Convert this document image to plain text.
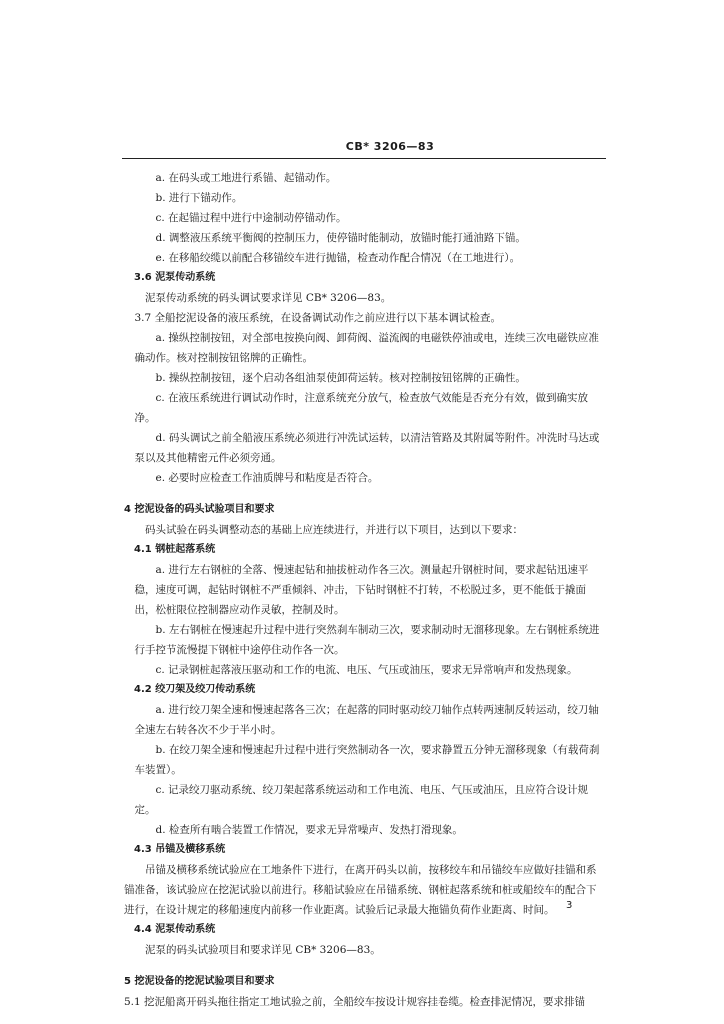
CB* 3206—83

a. 在码头或工地进行系锚、起锚动作。

b. 进行下锚动作。

c. 在起锚过程中进行中途制动停锚动作。

d. 调整液压系统平衡阀的控制压力，使停锚时能制动，放锚时能打通油路下锚。

e. 在移船绞缆以前配合移锚绞车进行抛锚，检查动作配合情况（在工地进行）。

3.6 泥泵传动系统

泥泵传动系统的码头调试要求详见 CB* 3206—83。

3.7 全船挖泥设备的液压系统，在设备调试动作之前应进行以下基本调试检查。

a. 操纵控制按钮，对全部电按换向阀、卸荷阀、溢流阀的电磁铁停油或电，连续三次电磁铁应准确动作。核对控制按钮铭牌的正确性。

b. 操纵控制按钮，逐个启动各组油泵使卸荷运转。核对控制按钮铭牌的正确性。

c. 在液压系统进行调试动作时，注意系统充分放气，检查放气效能是否充分有效，做到确实放净。

d. 码头调试之前全船液压系统必须进行冲洗试运转，以清洁管路及其附属等附件。冲洗时马达或泵以及其他精密元件必须旁通。

e. 必要时应检查工作油质牌号和粘度是否符合。

4 挖泥设备的码头试验项目和要求

码头试验在码头调整动态的基础上应连续进行，并进行以下项目，达到以下要求：

4.1 钢桩起落系统

a. 进行左右钢桩的全落、慢速起钻和抽拔桩动作各三次。测量起升钢桩时间，要求起钻迅速平稳，速度可调，起钻时钢桩不严重倾斜、冲击，下钻时钢桩不打转，不松脱过多，更不能低于撬面出，松桩限位控制器应动作灵敏，控制及时。

b. 左右钢桩在慢速起升过程中进行突然刹车制动三次，要求制动时无溜移现象。左右钢桩系统进行手控节流慢提下钢桩中途停住动作各一次。

c. 记录钢桩起落液压驱动和工作的电流、电压、气压或油压，要求无异常响声和发热现象。

4.2 绞刀架及绞刀传动系统

a. 进行绞刀架全速和慢速起落各三次；在起落的同时驱动绞刀轴作点转两速制反转运动，绞刀轴全速左右转各次不少于半小时。

b. 在绞刀架全速和慢速起升过程中进行突然制动各一次，要求静置五分钟无溜移现象（有载荷刹车装置）。

c. 记录绞刀驱动系统、绞刀架起落系统运动和工作电流、电压、气压或油压，且应符合设计规定。

d. 检查所有啮合装置工作情况，要求无异常噪声、发热打滑现象。

4.3 吊锚及横移系统

吊锚及横移系统试验应在工地条件下进行，在离开码头以前，按移绞车和吊锚绞车应做好挂锚和系锚准备，该试验应在挖泥试验以前进行。移船试验应在吊锚系统、钢桩起落系统和桩或船绞车的配合下进行，在设计规定的移船速度内前移一作业距离。试验后记录最大拖锚负荷作业距离、时间。

4.4 泥泵传动系统

泥泵的码头试验项目和要求详见 CB* 3206—83。

5 挖泥设备的挖泥试验项目和要求

5.1 挖泥船离开码头拖往指定工地试验之前，全船绞车按设计规容挂卷缆。检查排泥情况，要求排锚

3
